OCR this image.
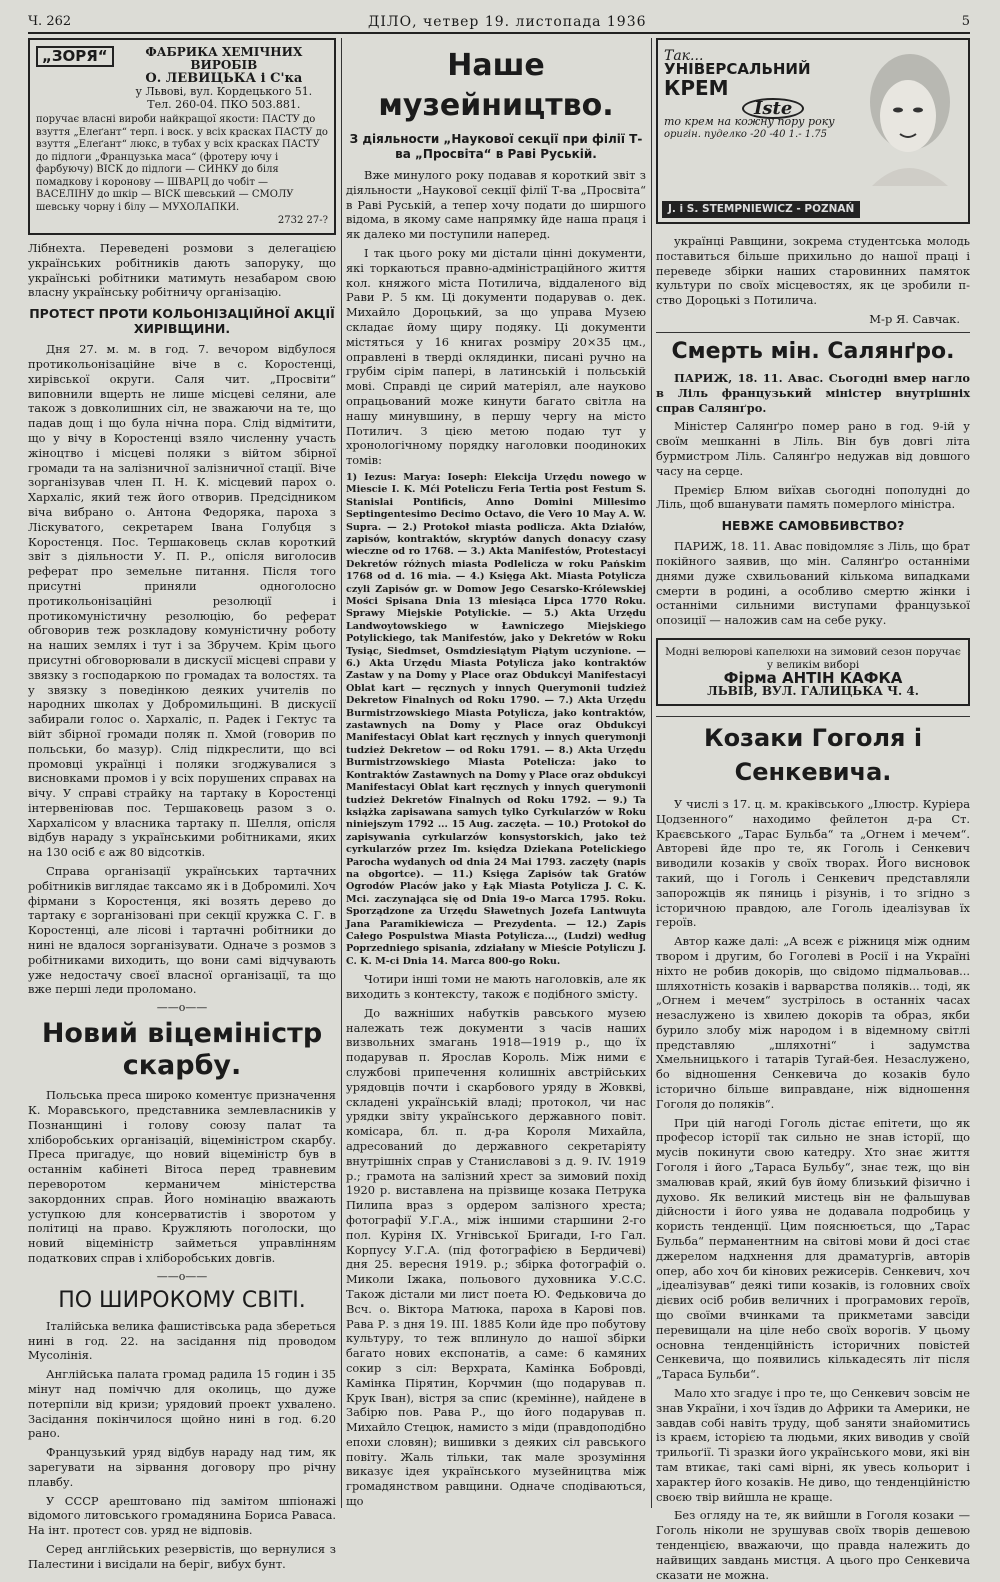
Ч. 262	ДІЛО, четвер 19. листопада 1936	5
„ЗОРЯ“	ФАБРИКА ХЕМІЧНИХ ВИРОБІВ
О. ЛЕВИЦЬКА і С'ка
у Львові, вул. Кордецького 51.
Тел. 260-04. ПКО 503.881.
поручає власні вироби найкращої якости: ПАСТУ до взуття „Елеґант“ терп. і воск. у всіх красках ПАСТУ до взуття „Елеґант“ люкс, в тубах у всіх красках ПАСТУ до підлоги „Французька маса“ (фротеру ючу і фарбуючу) ВІСК до підлоги — СИНКУ до біля помадкову і коронову — ШВАРЦ до чобіт — ВАСЕЛІНУ до шкір — ВІСК шевський — СМОЛУ шевську чорну і білу — МУХОЛАПКИ.
2732 27-?

Лібнехта. Переведені розмови з делегацією українських робітників дають запоруку, що українські робітники матимуть незабаром свою власну українську робітничу організацію.

ПРОТЕСТ ПРОТИ КОЛЬОНІЗАЦІЙНОЇ АКЦІЇ ХИРІВЩИНИ.

Дня 27. м. м. в год. 7. вечором відбулося протикольонізаційне віче в с. Коростенці, хирівської округи. Саля чит. „Просвіти“ виповнили вщерть не лише місцеві селяни, але також з довколишних сіл, не зважаючи на те, що падав дощ і що була нічна пора. Слід відмітити, що у вічу в Коростенці взяло численну участь жіноцтво і місцеві поляки з війтом збірної громади та на залізничної залізничної стації. Віче зорганізував член П. Н. К. місцевий парох о. Хархаліс, який теж його отворив. Предсідником віча вибрано о. Антона Федоряка, пароха з Ліскуватого, секретарем Івана Голубця з Коростенця. Пос. Тершаковець склав короткий звіт з діяльности У. П. Р., опісля виголосив реферат про земельне питання. Після того присутні приняли одноголосно протикольонізаційні резолюції і протикомуністичну резолюцію, бо реферат обговорив теж розкладову комуністичну роботу на наших землях і тут і за Збручем. Крім цього присутні обговорювали в дискусії місцеві справи у звязку з господаркою по громадах та волостях. та у звязку з поведінкою деяких учителів по народних школах у Добромильщині. В дискусії забирали голос о. Хархаліс, п. Радек і Гектус та війт збірної громади поляк п. Хмой (говорив по польськи, бо мазур). Слід підкреслити, що всі промовці українці і поляки згоджувалися з висновками промов і у всіх порушених справах на вічу. У справі страйку на тартаку в Коростенці інтервеніював пос. Тершаковець разом з о. Хархалісом у власника тартаку п. Шелля, опісля відбув нараду з українськими робітниками, яких на 130 осіб є аж 80 відсотків.

Справа організації українських тартачних робітників виглядає таксамо як і в Добромилі. Хоч фірмани з Коростенця, які возять дерево до тартаку є зорганізовані при секції кружка С. Г. в Коростенці, але лісові і тартачні робітники до нині не вдалося зорганізувати. Одначе з розмов з робітниками виходить, що вони самі відчувають уже недостачу своєї власної організації, та що вже перші леди проломано.

——o——
Новий віцеміністр скарбу.

Польська преса широко коментує призначення К. Моравського, представника землевласників у Познанщині і голову союзу палат та хліборобських організацій, віцеміністром скарбу. Преса пригадує, що новий віцеміністр був в останнім кабінеті Вітоса перед травневим переворотом керманичем міністерства закордонних справ. Його номінацію вважають уступкою для консерватистів і зворотом у політиці на право. Кружляють поголоски, що новий віцеміністр займеться управлінням податкових справ і хліборобських довгів.

——o——
ПО ШИРОКОМУ СВІТІ.

Італійська велика фашистівська рада збереться нині в год. 22. на засідання під проводом Мусолінія.

Англійська палата громад радила 15 годин і 35 мінут над поміччю для околиць, що дуже потерпіли від кризи; урядовий проект ухвалено. Засідання покінчилося щойно нині в год. 6.20 рано.

Французький уряд відбув нараду над тим, як зарегувати на зірвання договору про річну плавбу.

У СССР арештовано під замітом шпіонажі відомого литовського громадянина Бориса Раваса. На інт. протест сов. уряд не відповів.

Серед англійських резервістів, що вернулися з Палестини і висідали на беріг, вибух бунт.

Наше музейництво.
З діяльности „Наукової секції при філії Т-ва „Просвіта“ в Раві Руській.

Вже минулого року подавав я короткий звіт з діяльности „Наукової секції філії Т-ва „Просвіта“ в Раві Руській, а тепер хочу подати до ширшого відома, в якому саме напрямку йде наша праця і як далеко ми поступили наперед.

І так цього року ми дістали цінні документи, які торкаються правно-адміністраційного життя кол. княжого міста Потилича, віддаленого від Рави Р. 5 км. Ці документи подарував о. дек. Михайло Дороцький, за що управа Музею складає йому щиру подяку. Ці документи містяться у 16 книгах розміру 20×35 цм., оправлені в тверді оклядинки, писані ручно на грубім сірім папері, в латинській і польській мові. Справді це сирий матеріял, але науково опрацьований може кинути багато світла на нашу минувшину, в першу чергу на місто Потилич. З цією метою подаю тут у хронологічному порядку наголовки поодиноких томів:

1) Iezus: Marya: Ioseph: Elekcija Urzędu nowego w Miescie I. K. Mći Poteliczu Feria Tertia post Festum S. Stanislai Pontificis, Anno Domini Millesimo Septingentesimo Decimo Octavo, die Vero 10 May A. W. Supra. — 2.) Protokoł miasta podlicza. Akta Działów, zapisów, kontraktów, skryptów danych donacyy czasy wieczne od ro 1768. — 3.) Akta Manifestów, Protestacyi Dekretów różnych miasta Podlelicza w roku Pańskim 1768 od d. 16 mia. — 4.) Księga Akt. Miasta Potylicza czyli Zapisów gr. w Domow Jego Cesarsko-Królewskiej Mości Spisana Dnia 13 miesiąca Lipca 1770 Roku. Sprawy Miejskie Potylickie. — 5.) Akta Urzędu Landwoytowskiego w Ławniczego Miejskiego Potylickiego, tak Manifestów, jako y Dekretów w Roku Tysiąc, Siedmset, Osmdziesiątym Piątym uczynione. — 6.) Akta Urzędu Miasta Potylicza jako kontraktów Zastaw y na Domy y Place oraz Obdukcyi Manifestacyi Oblat kart — ręcznych y innych Querymonii tudzież Dekretow Finalnych od Roku 1790. — 7.) Akta Urzędu Burmistrzowskiego Miasta Potylicza, jako kontraktów, zastawnych na Domy y Place oraz Obdukcyi Manifestacyi Oblat kart ręcznych y innych querymonji tudzież Dekretow — od Roku 1791. — 8.) Akta Urzędu Burmistrzowskiego Miasta Potelicza: jako to Kontraktów Zastawnych na Domy y Place oraz obdukcyi Manifestacyi Oblat kart ręcznych y innych querymonii tudzież Dekretów Finalnych od Roku 1792. — 9.) Ta książka zapisawana samych tylko Cyrkularzów w Roku niniejszym 1792 ... 15 Aug. zaczęta. — 10.) Protokoł do zapisywania cyrkularzów konsystorskich, jako też cyrkularzów przez Im. księdza Dziekana Potelickiego Parocha wydanych od dnia 24 Mai 1793. zaczęty (napis na obgortce). — 11.) Księga Zapisów tak Gratów Ogrodów Placów jako y Łąk Miasta Potylicza J. C. K. Mci. zaczynająca się od Dnia 19-o Marca 1795. Roku. Sporządzone za Urzędu Sławetnych Jozefa Lantwuyta Jana Paramikiewicza — Prezydenta. — 12.) Zapis Całego Pospulstwa Miasta Potylicza..., (Ludzi) według Poprzedniego spisania, zdziałany w Mieście Potyliczu J. C. K. M-ci Dnia 14. Marca 800-go Roku.

Чотири інші томи не мають наголовків, але як виходить з контексту, також є подібного змісту.

До важніших набутків равського музею належать теж документи з часів наших визвольних змагань 1918—1919 р., що їх подарував п. Ярослав Король. Між ними є службові припечення колишніх австрійських урядовців почти і скарбового уряду в Жовкві, складені українській владі; протокол, чи нас урядки звіту українського державного повіт. комісара, бл. п. д-ра Короля Михайла, адресований до державного секретаріяту внутрішніх справ у Станиславові з д. 9. IV. 1919 р.; грамота на залізний хрест за зимовий похід 1920 р. виставлена на прізвище козака Петрука Пилипа враз з ордером залізного хреста; фотографії У.Г.А., між іншими старшини 2-го пол. Куріня IX. Угнівської Бригади, І-го Гал. Корпусу У.Г.А. (під фотографією в Бердичеві) дня 25. вересня 1919. р.; збірка фотографій о. Миколи Іжака, польового духовника У.С.С. Також дістали ми лист поета Ю. Федьковича до Всч. о. Віктора Матюка, пароха в Карові пов. Рава Р. з дня 19. III. 1885 Коли йде про побутову культуру, то теж вплинуло до нашої збірки багато нових експонатів, а саме: 6 камяних сокир з сіл: Верхрата, Камінка Бобровді, Камінка Пірятин, Корчмин (що подарував п. Крук Іван), вістря за спис (кремінне), найдене в Забірю пов. Рава Р., що його подарував п. Михайло Стецюк, намисто з міди (правдоподібно епохи словян); вишивки з деяких сіл равського повіту. Жаль тільки, так мале зрозуміння виказує ідея українського музейництва між громадянством равщини. Одначе сподіваються, що

Так...
УНІВЕРСАЛЬНИЙ
КРЕМ
Iste
то крем на кожну пору року
оригін. пуделко -20 -40 1.- 1.75
J. i S. STEMPNIEWICZ - POZNAŃ

українці Равщини, зокрема студентська молодь поставиться більше прихильно до нашої праці і переведе збірки наших старовинних памяток культури по своїх місцевостях, як це зробили п-ство Дороцькі з Потилича.

М-р Я. Савчак.
Смерть мін. Салянґро.

ПАРИЖ, 18. 11. Авас. Сьогодні вмер нагло в Ліль французький міністер внутрішніх справ Салянґро.

Міністер Салянґро помер рано в год. 9-ій у своїм мешканні в Ліль. Він був довгі літа бурмистром Ліль. Салянґро недужав від довшого часу на серце.

Премієр Блюм виїхав сьогодні пополудні до Ліль, щоб вшанувати память померлого міністра.

НЕВЖЕ САМОВБИВСТВО?

ПАРИЖ, 18. 11. Авас повідомляє з Ліль, що брат покійного заявив, що мін. Салянґро останніми днями дуже схвильований кількома випадками смерти в родині, а особливо смертю жінки і останніми сильними виступами французької опозиції — наложив сам на себе руку.

Модні велюрові капелюхи на зимовий сезон поручає у великім виборі
Фірма АНТІН КАФКА
ЛЬВІВ, ВУЛ. ГАЛИЦЬКА Ч. 4.
Козаки Гоголя і Сенкевича.

У числі з 17. ц. м. краківського „Ілюстр. Куріера Цодзенного“ находимо фейлетон д-ра Ст. Краєвського „Тарас Бульба“ та „Огнем і мечем“. Автореві йде про те, як Гоголь і Сенкевич виводили козаків у своїх творах. Його висновок такий, що і Гоголь і Сенкевич представляли запорожців як пяниць і різунів, і то згідно з історичною правдою, але Гоголь ідеалізував їх героїв.

Автор каже далі: „А всеж є ріжниця між одним твором і другим, бо Гоголеві в Росії і на Україні ніхто не робив докорів, що свідомо підмальовав... шляхотність козаків і варварства поляків... тоді, як „Огнем і мечем“ зустрілось в останніх часах незаслужено із хвилею докорів та образ, якби бурило злобу між народом і в відемному світлі представляю „шляхотні“ і задумства Хмельницького і татарів Тугай-бея. Незаслужено, бо відношення Сенкевича до козаків було історично більше виправдане, ніж відношення Гоголя до поляків“.

При цій нагоді Гоголь дістає епітети, що як професор історії так сильно не знав історії, що мусів покинути свою катедру. Хто знає життя Гоголя і його „Тараса Бульбу“, знає теж, що він змалював край, який був йому близький фізично і духово. Як великий мистець він не фальшував дійсности і його уява не додавала подробиць у користь тенденції. Цим пояснюється, що „Тарас Бульба“ перманентним на світові мови й досі стає джерелом надхнення для драматургів, авторів опер, або хоч би кінових режисерів. Сенкевич, хоч „ідеалізував“ деякі типи козаків, із головних своїх дієвих осіб робив величних і програмових героїв, що своїми вчинками та прикметами завсіди перевищали на ціле небо своїх ворогів. У цьому основна тенденційність історичних повістей Сенкевича, що появились кількадесять літ після „Тараса Бульби“.

Мало хто згадує і про те, що Сенкевич зовсім не знав України, і хоч їздив до Африки та Америки, не завдав собі навіть труду, щоб заняти знайомитись із краєм, історією та людьми, яких виводив у своїй трильоґії. Ті зразки його українського мови, які він там втикає, такі самі вірні, як увесь кольорит і характер його козаків. Не диво, що тенденційністю своєю твір вийшла не краще.

Без огляду на те, як вийшли в Гоголя козаки — Гоголь ніколи не зрушував своїх творів дешевою тенденцією, вважаючи, що правда належить до найвищих завдань мистця. А цього про Сенкевича сказати не можна.
